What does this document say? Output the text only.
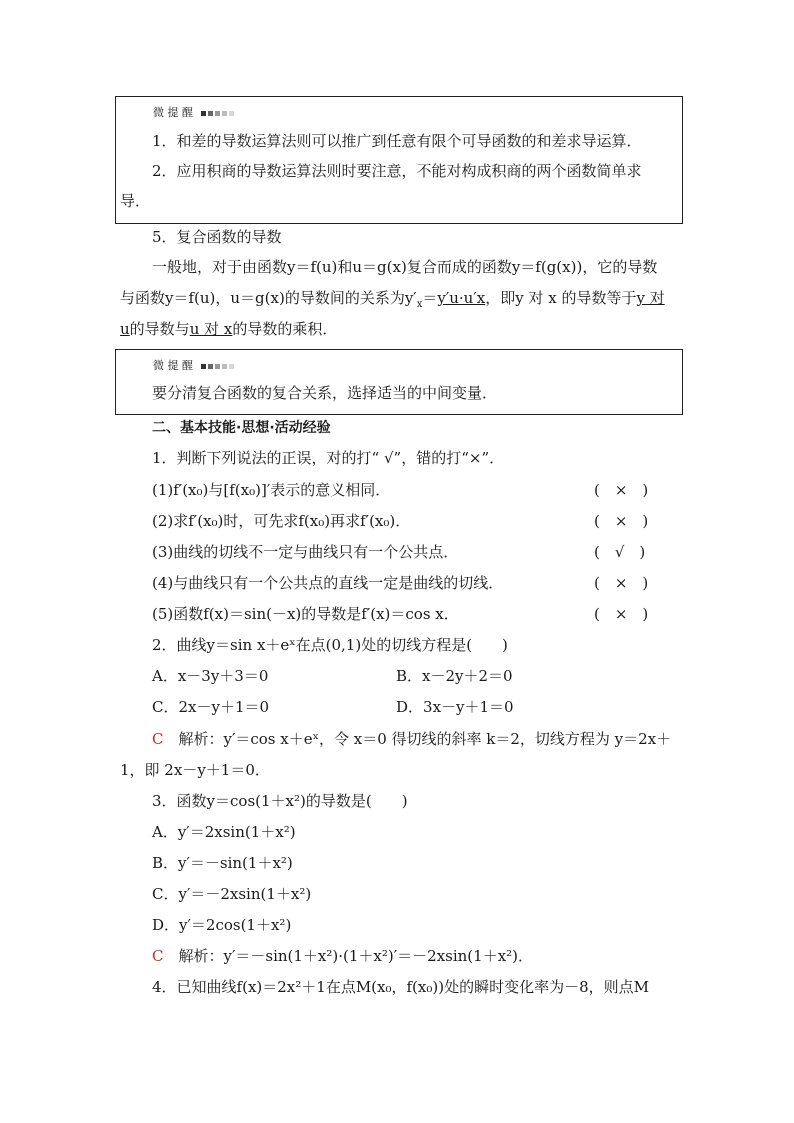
微 提 醒
1．和差的导数运算法则可以推广到任意有限个可导函数的和差求导运算．
2．应用积商的导数运算法则时要注意，不能对构成积商的两个函数简单求
导．
5．复合函数的导数
一般地，对于由函数y＝f(u)和u＝g(x)复合而成的函数y＝f(g(x))，它的导数
与函数y＝f(u)，u＝g(x)的导数间的关系为$y'_x=y'u\cdot u'x$，即y 对 x 的导数等于y 对
u的导数与u 对 x的导数的乘积．
微 提 醒
要分清复合函数的复合关系，选择适当的中间变量．
二、基本技能·思想·活动经验
1．判断下列说法的正误，对的打“ √”，错的打“×”．
(1)f′(x₀)与[f(x₀)]′表示的意义相同．	(　×　)
(2)求f′(x₀)时，可先求f(x₀)再求f′(x₀)．	(　×　)
(3)曲线的切线不一定与曲线只有一个公共点．	(　√　)
(4)与曲线只有一个公共点的直线一定是曲线的切线．	(　×　)
(5)函数f(x)＝sin(－x)的导数是f′(x)＝cos x．	(　×　)
2．曲线y＝sin x＋eˣ在点(0,1)处的切线方程是(　　)
A．x－3y＋3＝0	B．x－2y＋2＝0
C．2x－y＋1＝0	D．3x－y＋1＝0
C　 解析：y′＝cos x＋eˣ，令 x＝0 得切线的斜率 k＝2，切线方程为 y＝2x＋
1，即 2x－y＋1＝0．
3．函数y＝cos(1＋x²)的导数是(　　)
A．y′＝2xsin(1＋x²)
B．y′＝－sin(1＋x²)
C．y′＝－2xsin(1＋x²)
D．y′＝2cos(1＋x²)
C　 解析：y′＝－sin(1＋x²)·(1＋x²)′＝－2xsin(1＋x²)．
4．已知曲线f(x)＝2x²＋1在点M(x₀，f(x₀))处的瞬时变化率为－8，则点M
